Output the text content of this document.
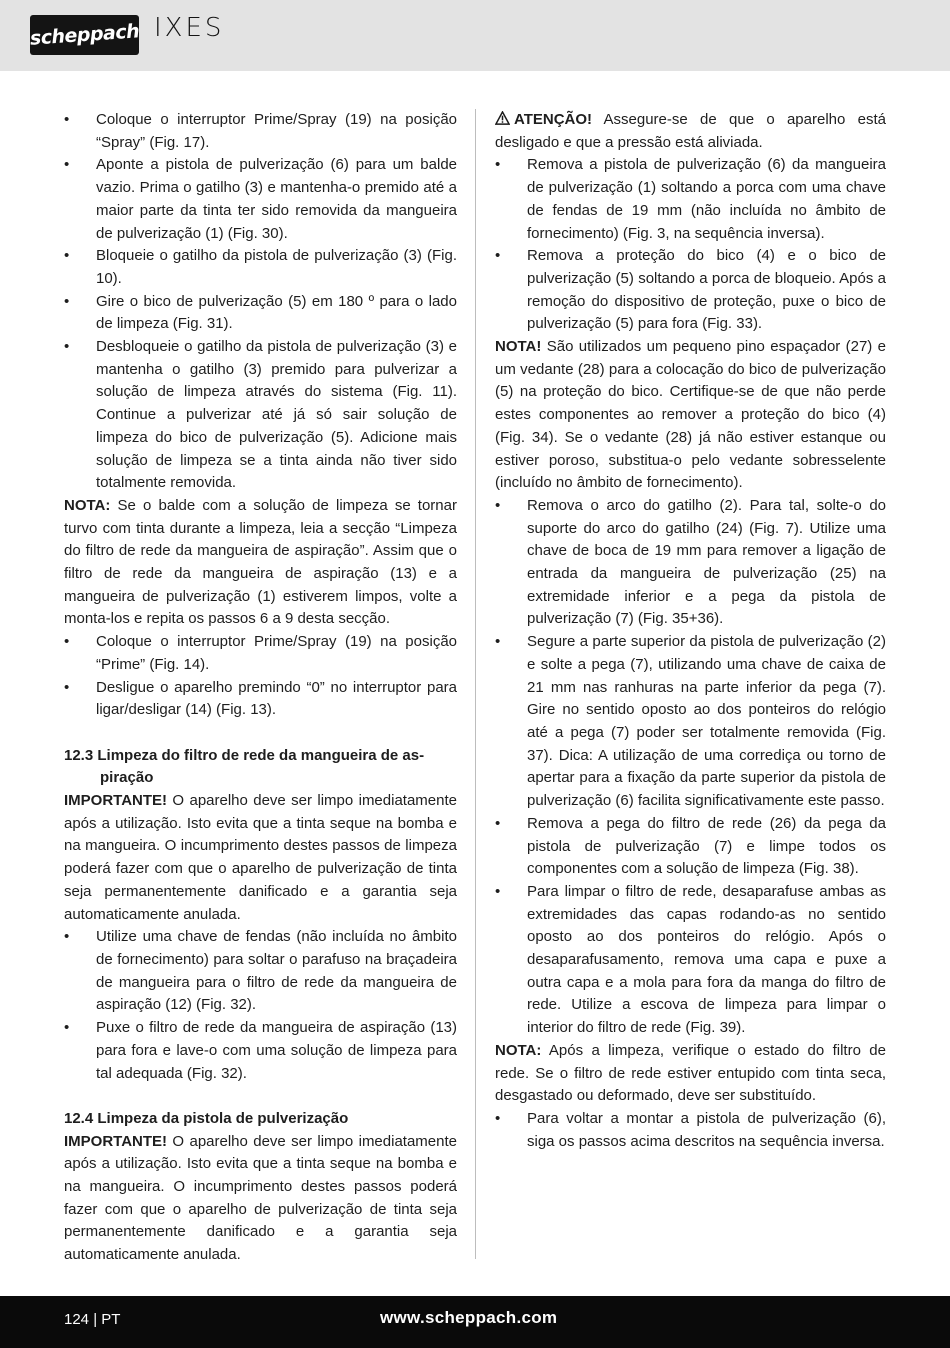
scheppach IXES
• Coloque o interruptor Prime/Spray (19) na posição “Spray” (Fig. 17).
• Aponte a pistola de pulverização (6) para um balde vazio. Prima o gatilho (3) e mantenha-o premido até a maior parte da tinta ter sido removida da mangueira de pulverização (1) (Fig. 30).
• Bloqueie o gatilho da pistola de pulverização (3) (Fig. 10).
• Gire o bico de pulverização (5) em 180 º para o lado de limpeza (Fig. 31).
• Desbloqueie o gatilho da pistola de pulverização (3) e mantenha o gatilho (3) premido para pulverizar a solução de limpeza através do sistema (Fig. 11). Continue a pulverizar até já só sair solução de limpeza do bico de pulverização (5). Adicione mais solução de limpeza se a tinta ainda não tiver sido totalmente removida.

NOTA: Se o balde com a solução de limpeza se tornar turvo com tinta durante a limpeza, leia a secção “Limpeza do filtro de rede da mangueira de aspiração”. Assim que o filtro de rede da mangueira de aspiração (13) e a mangueira de pulverização (1) estiverem limpos, volte a monta-los e repita os passos 6 a 9 desta secção.

• Coloque o interruptor Prime/Spray (19) na posição “Prime” (Fig. 14).
• Desligue o aparelho premindo “0” no interruptor para ligar/desligar (14) (Fig. 13).
12.3 Limpeza do filtro de rede da mangueira de as-
piração

IMPORTANTE! O aparelho deve ser limpo imediatamente após a utilização. Isto evita que a tinta seque na bomba e na mangueira. O incumprimento destes passos de limpeza poderá fazer com que o aparelho de pulverização de tinta seja permanentemente danificado e a garantia seja automaticamente anulada.

• Utilize uma chave de fendas (não incluída no âmbito de fornecimento) para soltar o parafuso na braçadeira de mangueira para o filtro de rede da mangueira de aspiração (12) (Fig. 32).
• Puxe o filtro de rede da mangueira de aspiração (13) para fora e lave-o com uma solução de limpeza para tal adequada (Fig. 32).
12.4 Limpeza da pistola de pulverização

IMPORTANTE! O aparelho deve ser limpo imediatamente após a utilização. Isto evita que a tinta seque na bomba e na mangueira. O incumprimento destes passos poderá fazer com que o aparelho de pulverização de tinta seja permanentemente danificado e a garantia seja automaticamente anulada.

ATENÇÃO! Assegure-se de que o aparelho está desligado e que a pressão está aliviada.

• Remova a pistola de pulverização (6) da mangueira de pulverização (1) soltando a porca com uma chave de fendas de 19 mm (não incluída no âmbito de fornecimento) (Fig. 3, na sequência inversa).
• Remova a proteção do bico (4) e o bico de pulverização (5) soltando a porca de bloqueio. Após a remoção do dispositivo de proteção, puxe o bico de pulverização (5) para fora (Fig. 33).

NOTA! São utilizados um pequeno pino espaçador (27) e um vedante (28) para a colocação do bico de pulverização (5) na proteção do bico. Certifique-se de que não perde estes componentes ao remover a proteção do bico (4) (Fig. 34). Se o vedante (28) já não estiver estanque ou estiver poroso, substitua-o pelo vedante sobresselente (incluído no âmbito de fornecimento).

• Remova o arco do gatilho (2). Para tal, solte-o do suporte do arco do gatilho (24) (Fig. 7). Utilize uma chave de boca de 19 mm para remover a ligação de entrada da mangueira de pulverização (25) na extremidade inferior e a pega da pistola de pulverização (7) (Fig. 35+36).
• Segure a parte superior da pistola de pulverização (2) e solte a pega (7), utilizando uma chave de caixa de 21 mm nas ranhuras na parte inferior da pega (7). Gire no sentido oposto ao dos ponteiros do relógio até a pega (7) poder ser totalmente removida (Fig. 37). Dica: A utilização de uma corrediça ou torno de apertar para a fixação da parte superior da pistola de pulverização (6) facilita significativamente este passo.
• Remova a pega do filtro de rede (26) da pega da pistola de pulverização (7) e limpe todos os componentes com a solução de limpeza (Fig. 38).
• Para limpar o filtro de rede, desaparafuse ambas as extremidades das capas rodando-as no sentido oposto ao dos ponteiros do relógio. Após o desaparafusamento, remova uma capa e puxe a outra capa e a mola para fora da manga do filtro de rede. Utilize a escova de limpeza para limpar o interior do filtro de rede (Fig. 39).

NOTA: Após a limpeza, verifique o estado do filtro de rede. Se o filtro de rede estiver entupido com tinta seca, desgastado ou deformado, deve ser substituído.

• Para voltar a montar a pistola de pulverização (6), siga os passos acima descritos na sequência inversa.
124 | PT	www.scheppach.com
